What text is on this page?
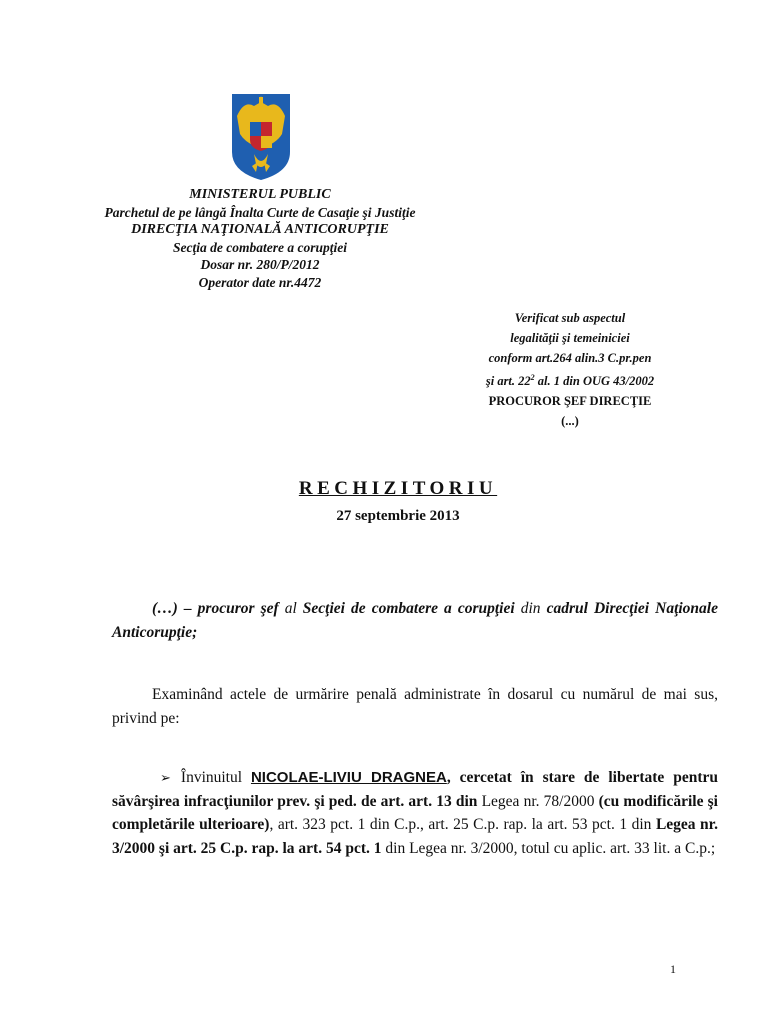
MINISTERUL PUBLIC
Parchetul de pe lângă Înalta Curte de Casaţie şi Justiţie
DIRECŢIA NAŢIONALĂ ANTICORUPŢIE
Secţia de combatere a corupţiei
Dosar nr. 280/P/2012
Operator date nr.4472
Verificat sub aspectul
legalităţii şi temeiniciei
conform art.264 alin.3 C.pr.pen
şi art. $22^2$ al. 1 din OUG 43/2002
PROCUROR ŞEF DIRECŢIE
(...)
RECHIZITORIU
27 septembrie 2013
(…) – procuror şef al Secţiei de combatere a corupţiei din cadrul Direcţiei Naţionale Anticorupţie;
Examinând actele de urmărire penală administrate în dosarul cu numărul de mai sus, privind pe:
➢ Învinuitul NICOLAE-LIVIU DRAGNEA, cercetat în stare de libertate pentru săvârşirea infracţiunilor prev. şi ped. de art. art. 13 din Legea nr. 78/2000 (cu modificările şi completările ulterioare), art. 323 pct. 1 din C.p., art. 25 C.p. rap. la art. 53 pct. 1 din Legea nr. 3/2000 şi art. 25 C.p. rap. la art. 54 pct. 1 din Legea nr. 3/2000, totul cu aplic. art. 33 lit. a C.p.;
1
